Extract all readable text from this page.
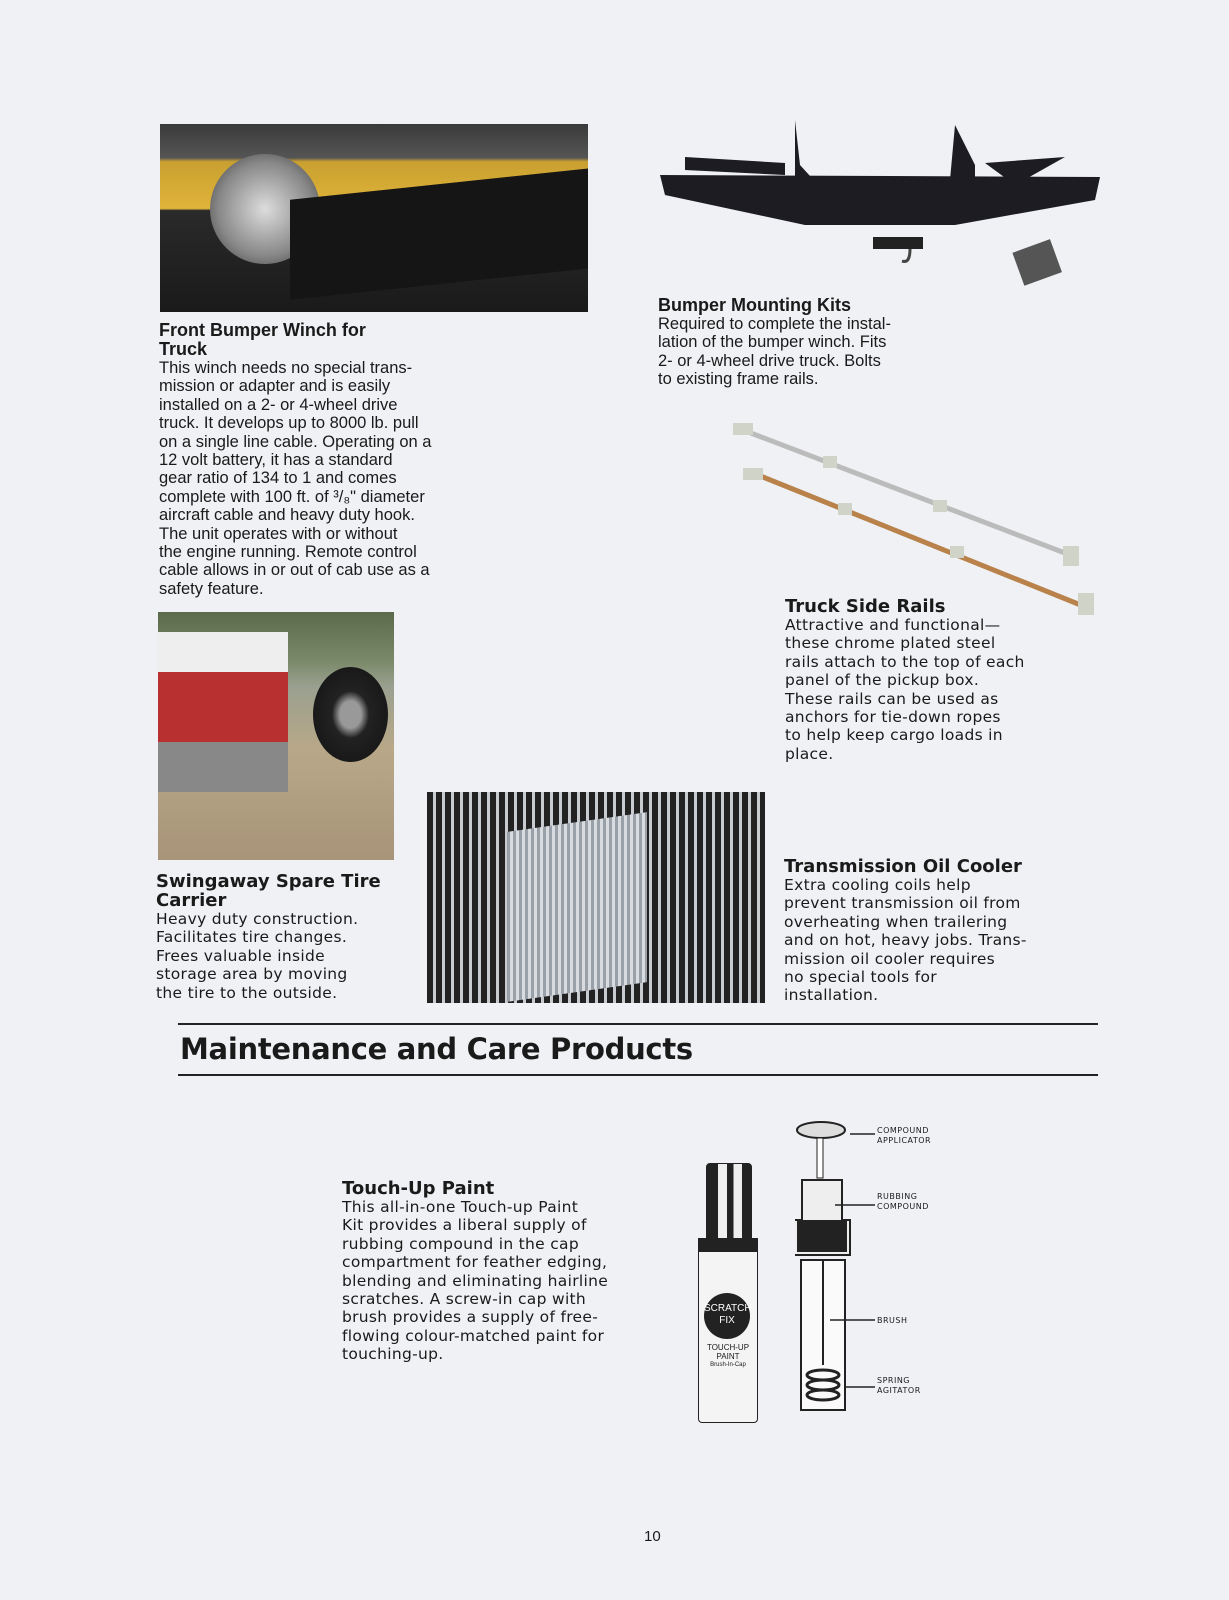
Front Bumper Winch for
Truck
This winch needs no special trans-
mission or adapter and is easily
installed on a 2- or 4-wheel drive
truck. It develops up to 8000 lb. pull
on a single line cable. Operating on a
12 volt battery, it has a standard
gear ratio of 134 to 1 and comes
complete with 100 ft. of ³/₈" diameter
aircraft cable and heavy duty hook.
The unit operates with or without
the engine running. Remote control
cable allows in or out of cab use as a
safety feature.
Bumper Mounting Kits
Required to complete the instal-
lation of the bumper winch. Fits
2- or 4-wheel drive truck. Bolts
to existing frame rails.
Truck Side Rails
Attractive and functional—
these chrome plated steel
rails attach to the top of each
panel of the pickup box.
These rails can be used as
anchors for tie-down ropes
to help keep cargo loads in
place.
Swingaway Spare Tire
Carrier
Heavy duty construction.
Facilitates tire changes.
Frees valuable inside
storage area by moving
the tire to the outside.
Transmission Oil Cooler
Extra cooling coils help
prevent transmission oil from
overheating when trailering
and on hot, heavy jobs. Trans-
mission oil cooler requires
no special tools for
installation.
Maintenance and Care Products
Touch-Up Paint
This all-in-one Touch-up Paint
Kit provides a liberal supply of
rubbing compound in the cap
compartment for feather edging,
blending and eliminating hairline
scratches. A screw-in cap with
brush provides a supply of free-
flowing colour-matched paint for
touching-up.
SCRATCH
FIX
TOUCH-UP
PAINT
Brush-In-Cap
COMPOUND
APPLICATOR
RUBBING
COMPOUND
BRUSH
SPRING
AGITATOR
10
